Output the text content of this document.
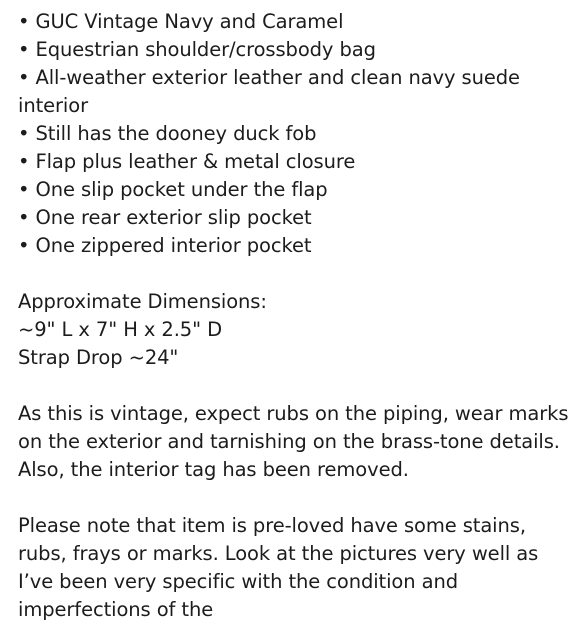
• GUC Vintage Navy and Caramel
• Equestrian shoulder/crossbody bag
• All-weather exterior leather and clean navy suede interior
• Still has the dooney duck fob
• Flap plus leather & metal closure
• One slip pocket under the flap
• One rear exterior slip pocket
• One zippered interior pocket
Approximate Dimensions:
~9" L x 7" H x 2.5" D
Strap Drop ~24"

As this is vintage, expect rubs on the piping, wear marks on the exterior and tarnishing on the brass-tone details. Also, the interior tag has been removed.

Please note that item is pre-loved have some stains, rubs, frays or marks. Look at the pictures very well as I’ve been very specific with the condition and imperfections of the
